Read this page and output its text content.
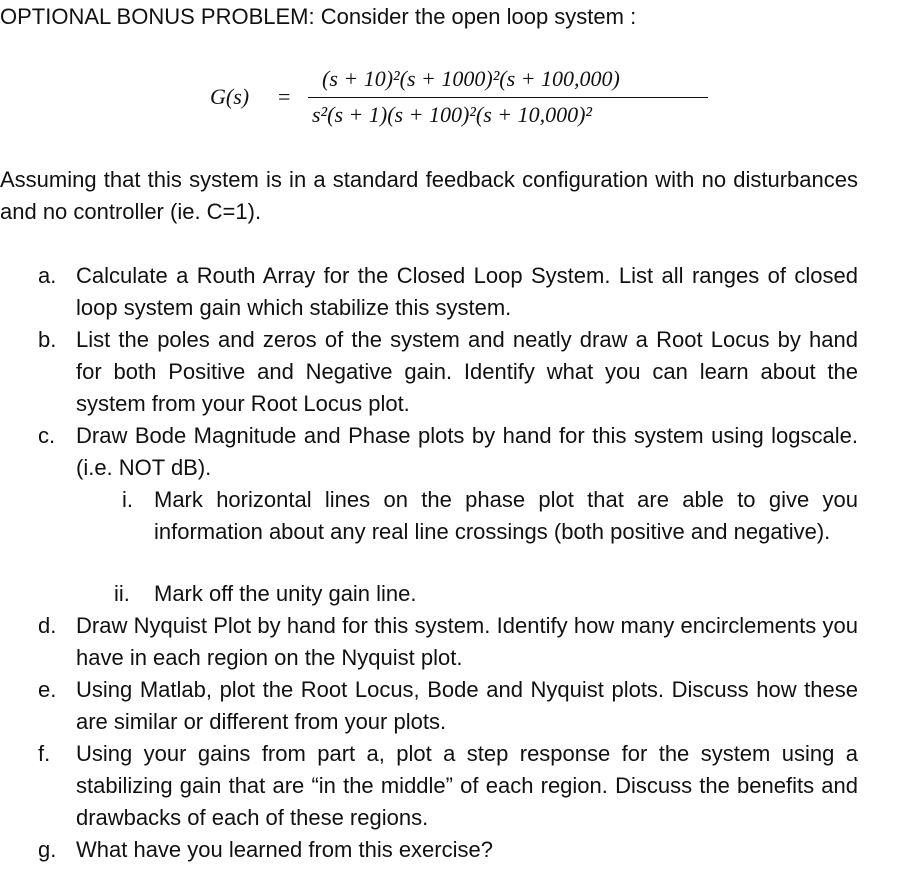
OPTIONAL BONUS PROBLEM: Consider the open loop system :
G(s) =
(s + 10)²(s + 1000)²(s + 100,000)
s²(s + 1)(s + 100)²(s + 10,000)²
Assuming that this system is in a standard feedback configuration with no disturbances and no controller (ie. C=1).
a. Calculate a Routh Array for the Closed Loop System. List all ranges of closed loop system gain which stabilize this system.
b. List the poles and zeros of the system and neatly draw a Root Locus by hand for both Positive and Negative gain. Identify what you can learn about the system from your Root Locus plot.
c. Draw Bode Magnitude and Phase plots by hand for this system using logscale. (i.e. NOT dB).
i. Mark horizontal lines on the phase plot that are able to give you information about any real line crossings (both positive and negative).
ii. Mark off the unity gain line.
d. Draw Nyquist Plot by hand for this system. Identify how many encirclements you have in each region on the Nyquist plot.
e. Using Matlab, plot the Root Locus, Bode and Nyquist plots. Discuss how these are similar or different from your plots.
f. Using your gains from part a, plot a step response for the system using a stabilizing gain that are “in the middle” of each region. Discuss the benefits and drawbacks of each of these regions.
g. What have you learned from this exercise?
